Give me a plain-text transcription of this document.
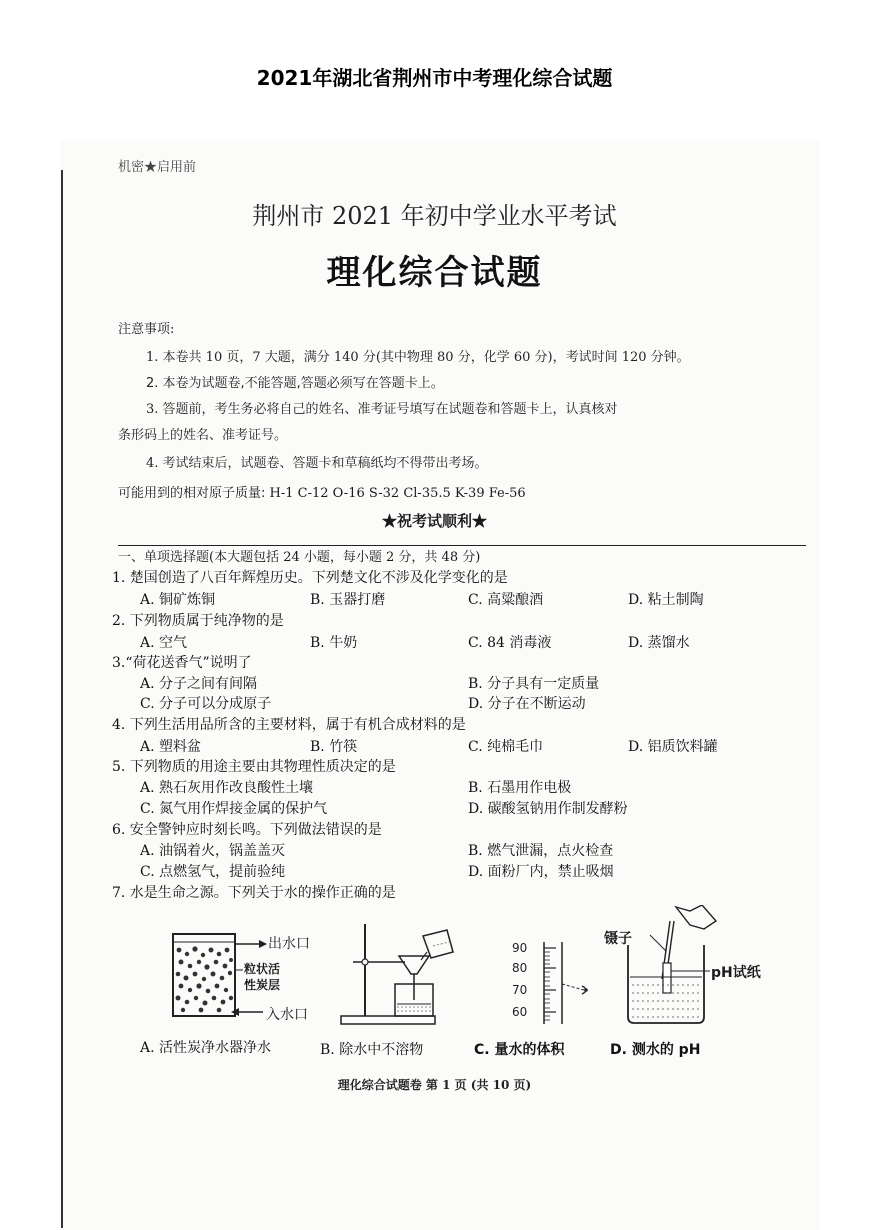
2021年湖北省荆州市中考理化综合试题
机密★启用前
荆州市 2021 年初中学业水平考试
理化综合试题
注意事项:
1. 本卷共 10 页，7 大题，满分 140 分(其中物理 80 分，化学 60 分)，考试时间 120 分钟。
2. 本卷为试题卷,不能答题,答题必须写在答题卡上。
3. 答题前，考生务必将自己的姓名、准考证号填写在试题卷和答题卡上，认真核对
条形码上的姓名、准考证号。
4. 考试结束后，试题卷、答题卡和草稿纸均不得带出考场。
可能用到的相对原子质量: H-1 C-12 O-16 S-32 Cl-35.5 K-39 Fe-56
★祝考试顺利★
一、单项选择题(本大题包括 24 小题，每小题 2 分，共 48 分)
1. 楚国创造了八百年辉煌历史。下列楚文化不涉及化学变化的是
A. 铜矿炼铜	B. 玉器打磨	C. 高粱酿酒	D. 粘土制陶
2. 下列物质属于纯净物的是
A. 空气	B. 牛奶	C. 84 消毒液	D. 蒸馏水
3.“荷花送香气”说明了
A. 分子之间有间隔	B. 分子具有一定质量
C. 分子可以分成原子	D. 分子在不断运动
4. 下列生活用品所含的主要材料，属于有机合成材料的是
A. 塑料盆	B. 竹筷	C. 纯棉毛巾	D. 铝质饮料罐
5. 下列物质的用途主要由其物理性质决定的是
A. 熟石灰用作改良酸性土壤	B. 石墨用作电极
C. 氮气用作焊接金属的保护气	D. 碳酸氢钠用作制发酵粉
6. 安全警钟应时刻长鸣。下列做法错误的是
A. 油锅着火，锅盖盖灭	B. 燃气泄漏，点火检查
C. 点燃氢气，提前验纯	D. 面粉厂内，禁止吸烟
7. 水是生命之源。下列关于水的操作正确的是
出水口
入水口
粒状活
性炭层
90
80
70
60
镊子
pH试纸
A. 活性炭净水器净水	B. 除水中不溶物	C. 量水的体积	D. 测水的 pH
理化综合试题卷 第 1 页 (共 10 页)
